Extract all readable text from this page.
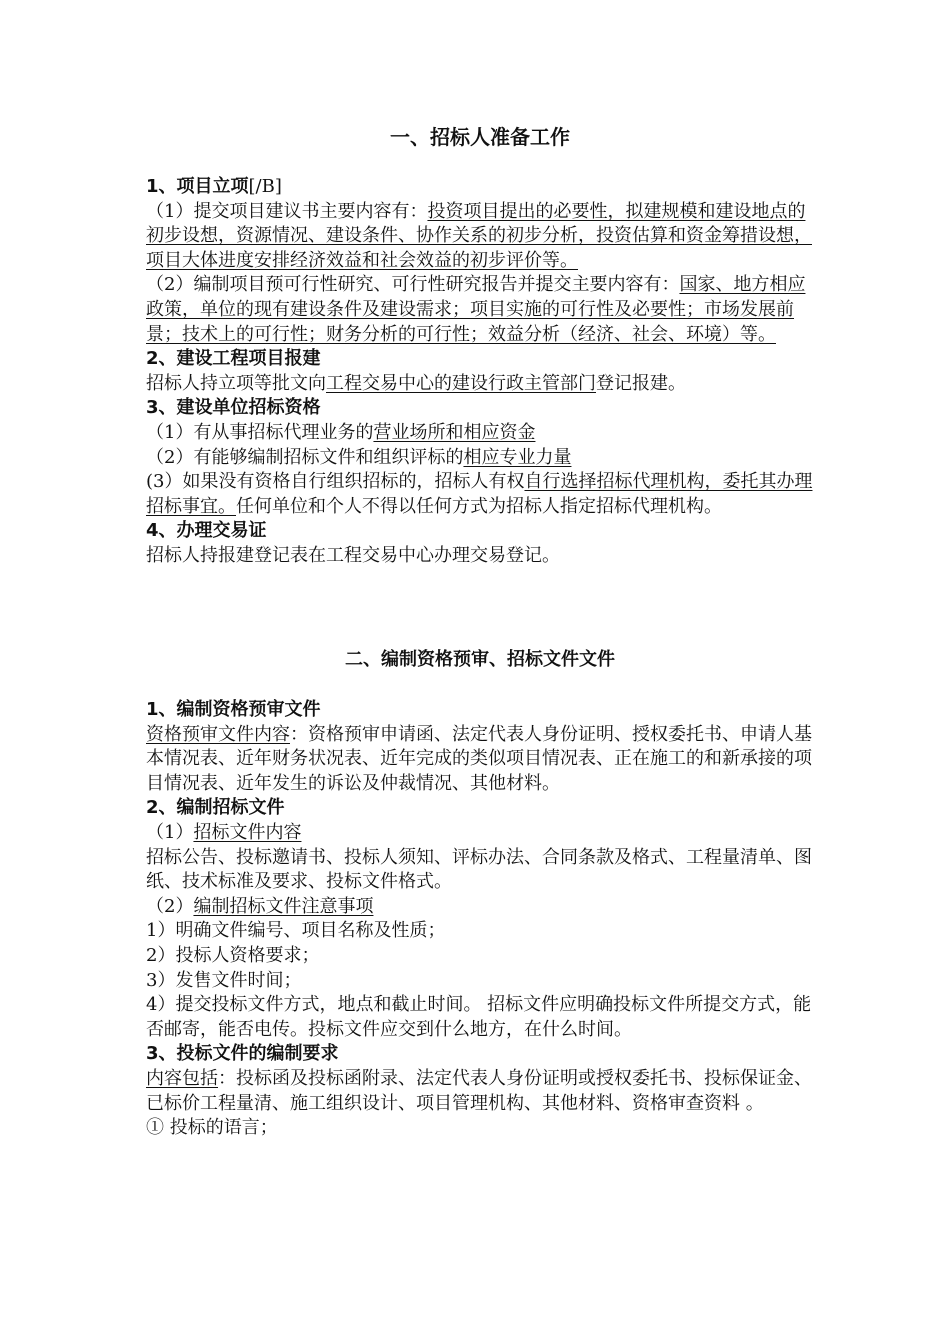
一、招标人准备工作

1、项目立项[/B]

（1）提交项目建议书主要内容有：投资项目提出的必要性，拟建规模和建设地点的初步设想，资源情况、建设条件、协作关系的初步分析，投资估算和资金筹措设想，项目大体进度安排经济效益和社会效益的初步评价等。

（2）编制项目预可行性研究、可行性研究报告并提交主要内容有：国家、地方相应政策，单位的现有建设条件及建设需求；项目实施的可行性及必要性；市场发展前景；技术上的可行性；财务分析的可行性；效益分析（经济、社会、环境）等。

2、建设工程项目报建

招标人持立项等批文向工程交易中心的建设行政主管部门登记报建。

3、建设单位招标资格

（1）有从事招标代理业务的营业场所和相应资金

（2）有能够编制招标文件和组织评标的相应专业力量

(3）如果没有资格自行组织招标的，招标人有权自行选择招标代理机构，委托其办理招标事宜。任何单位和个人不得以任何方式为招标人指定招标代理机构。

4、办理交易证

招标人持报建登记表在工程交易中心办理交易登记。

二、编制资格预审、招标文件文件

1、编制资格预审文件

资格预审文件内容：资格预审申请函、法定代表人身份证明、授权委托书、申请人基本情况表、近年财务状况表、近年完成的类似项目情况表、正在施工的和新承接的项目情况表、近年发生的诉讼及仲裁情况、其他材料。

2、编制招标文件

（1）招标文件内容

招标公告、投标邀请书、投标人须知、评标办法、合同条款及格式、工程量清单、图纸、技术标准及要求、投标文件格式。

（2）编制招标文件注意事项

1）明确文件编号、项目名称及性质；

2）投标人资格要求；

3）发售文件时间；

4）提交投标文件方式，地点和截止时间。 招标文件应明确投标文件所提交方式，能否邮寄，能否电传。投标文件应交到什么地方，在什么时间。

3、投标文件的编制要求

内容包括：投标函及投标函附录、法定代表人身份证明或授权委托书、投标保证金、已标价工程量清、施工组织设计、项目管理机构、其他材料、资格审查资料 。

① 投标的语言；
